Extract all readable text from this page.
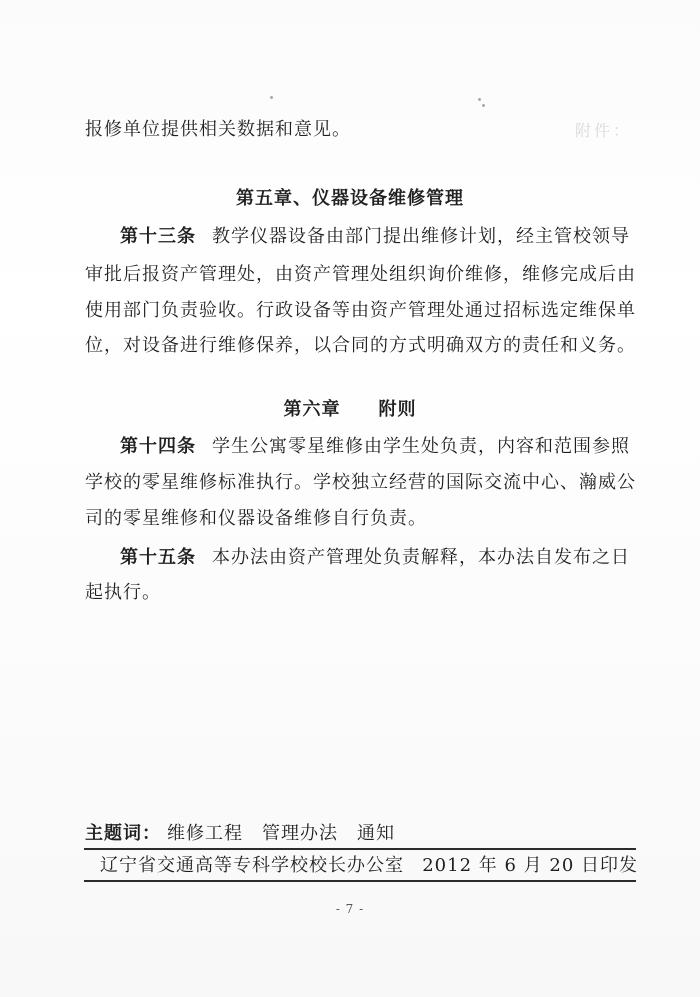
附件：

报修单位提供相关数据和意见。
第五章、仪器设备维修管理
第十三条 教学仪器设备由部门提出维修计划，经主管校领导
审批后报资产管理处，由资产管理处组织询价维修，维修完成后由
使用部门负责验收。行政设备等由资产管理处通过招标选定维保单
位，对设备进行维修保养，以合同的方式明确双方的责任和义务。
第六章　　附则
第十四条 学生公寓零星维修由学生处负责，内容和范围参照
学校的零星维修标准执行。学校独立经营的国际交流中心、瀚威公
司的零星维修和仪器设备维修自行负责。
第十五条 本办法由资产管理处负责解释，本办法自发布之日
起执行。
主题词： 维修工程　管理办法　通知
辽宁省交通高等专科学校校长办公室 2012 年 6 月 20 日印发
- 7 -
